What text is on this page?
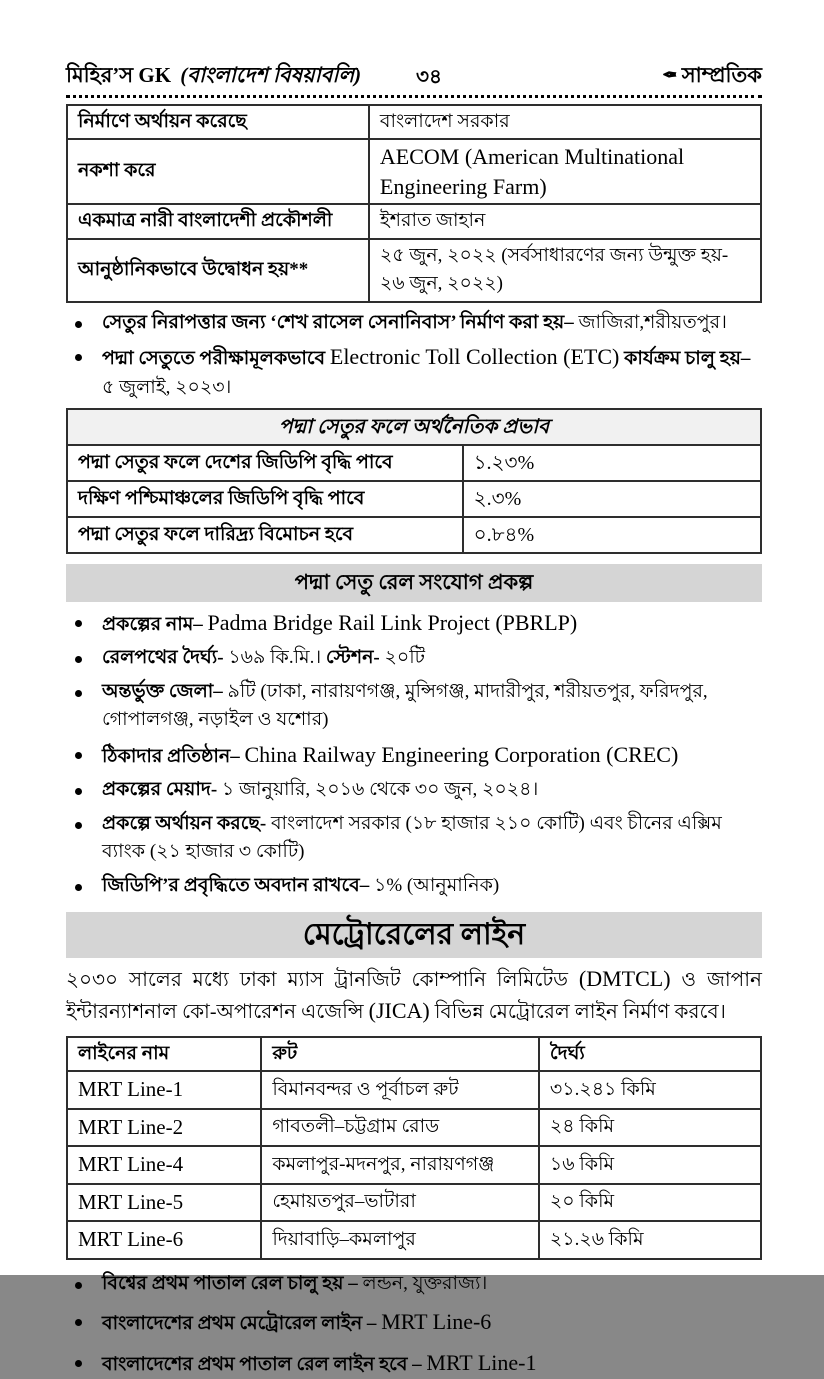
মিহির’স GK (বাংলাদেশ বিষয়াবলি)	৩৪	✒ সাম্প্রতিক
নির্মাণে অর্থায়ন করেছে	বাংলাদেশ সরকার
নকশা করে	AECOM (American Multinational Engineering Farm)
একমাত্র নারী বাংলাদেশী প্রকৌশলী	ইশরাত জাহান
আনুষ্ঠানিকভাবে উদ্বোধন হয়**	২৫ জুন, ২০২২ (সর্বসাধারণের জন্য উন্মুক্ত হয়- ২৬ জুন, ২০২২)
সেতুর নিরাপত্তার জন্য ‘শেখ রাসেল সেনানিবাস’ নির্মাণ করা হয়– জাজিরা,শরীয়তপুর।
পদ্মা সেতুতে পরীক্ষামূলকভাবে Electronic Toll Collection (ETC) কার্যক্রম চালু হয়– ৫ জুলাই, ২০২৩।
পদ্মা সেতুর ফলে অর্থনৈতিক প্রভাব	
পদ্মা সেতুর ফলে দেশের জিডিপি বৃদ্ধি পাবে	১.২৩%
দক্ষিণ পশ্চিমাঞ্চলের জিডিপি বৃদ্ধি পাবে	২.৩%
পদ্মা সেতুর ফলে দারিদ্র্য বিমোচন হবে	০.৮৪%
পদ্মা সেতু রেল সংযোগ প্রকল্প
প্রকল্পের নাম– Padma Bridge Rail Link Project (PBRLP)
রেলপথের দৈর্ঘ্য- ১৬৯ কি.মি.। স্টেশন- ২০টি
অন্তর্ভুক্ত জেলা– ৯টি (ঢাকা, নারায়ণগঞ্জ, মুন্সিগঞ্জ, মাদারীপুর, শরীয়তপুর, ফরিদপুর, গোপালগঞ্জ, নড়াইল ও যশোর)
ঠিকাদার প্রতিষ্ঠান– China Railway Engineering Corporation (CREC)
প্রকল্পের মেয়াদ- ১ জানুয়ারি, ২০১৬ থেকে ৩০ জুন, ২০২৪।
প্রকল্পে অর্থায়ন করছে- বাংলাদেশ সরকার (১৮ হাজার ২১০ কোটি) এবং চীনের এক্সিম ব্যাংক (২১ হাজার ৩ কোটি)
জিডিপি’র প্রবৃদ্ধিতে অবদান রাখবে– ১% (আনুমানিক)
মেট্রোরেলের লাইন

২০৩০ সালের মধ্যে ঢাকা ম্যাস ট্রানজিট কোম্পানি লিমিটেড (DMTCL) ও জাপান ইন্টারন্যাশনাল কো-অপারেশন এজেন্সি (JICA) বিভিন্ন মেট্রোরেল লাইন নির্মাণ করবে।

লাইনের নাম	রুট	দৈর্ঘ্য
MRT Line-1	বিমানবন্দর ও পূর্বাচল রুট	৩১.২৪১ কিমি
MRT Line-2	গাবতলী–চট্টগ্রাম রোড	২৪ কিমি
MRT Line-4	কমলাপুর-মদনপুর, নারায়ণগঞ্জ	১৬ কিমি
MRT Line-5	হেমায়তপুর–ভাটারা	২০ কিমি
MRT Line-6	দিয়াবাড়ি–কমলাপুর	২১.২৬ কিমি
বিশ্বের প্রথম পাতাল রেল চালু হয় – লন্ডন, যুক্তরাজ্য।
বাংলাদেশের প্রথম মেট্রোরেল লাইন – MRT Line-6
বাংলাদেশের প্রথম পাতাল রেল লাইন হবে – MRT Line-1
